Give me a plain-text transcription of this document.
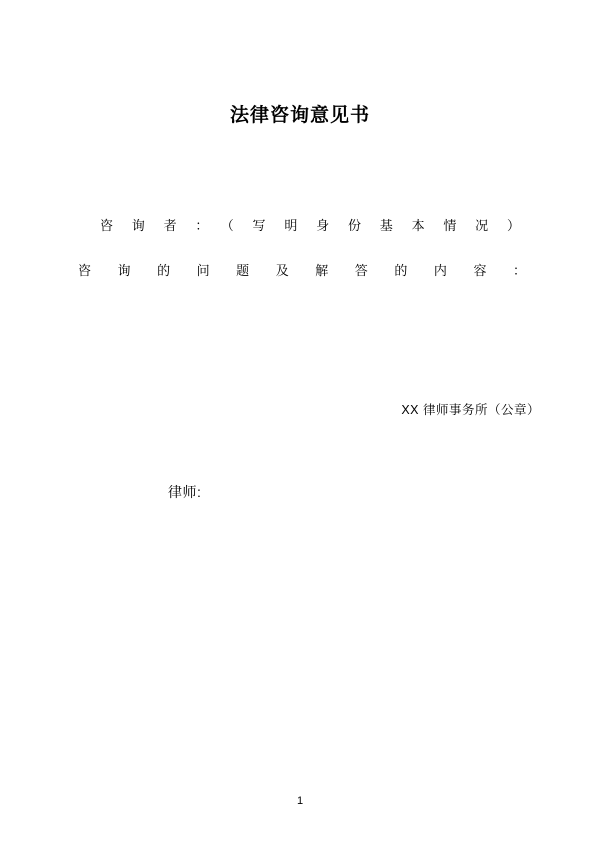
法律咨询意见书
咨询者：（写明身份基本情况）
咨询的问题及解答的内容：
XX 律师事务所（公章）
律师:
1
